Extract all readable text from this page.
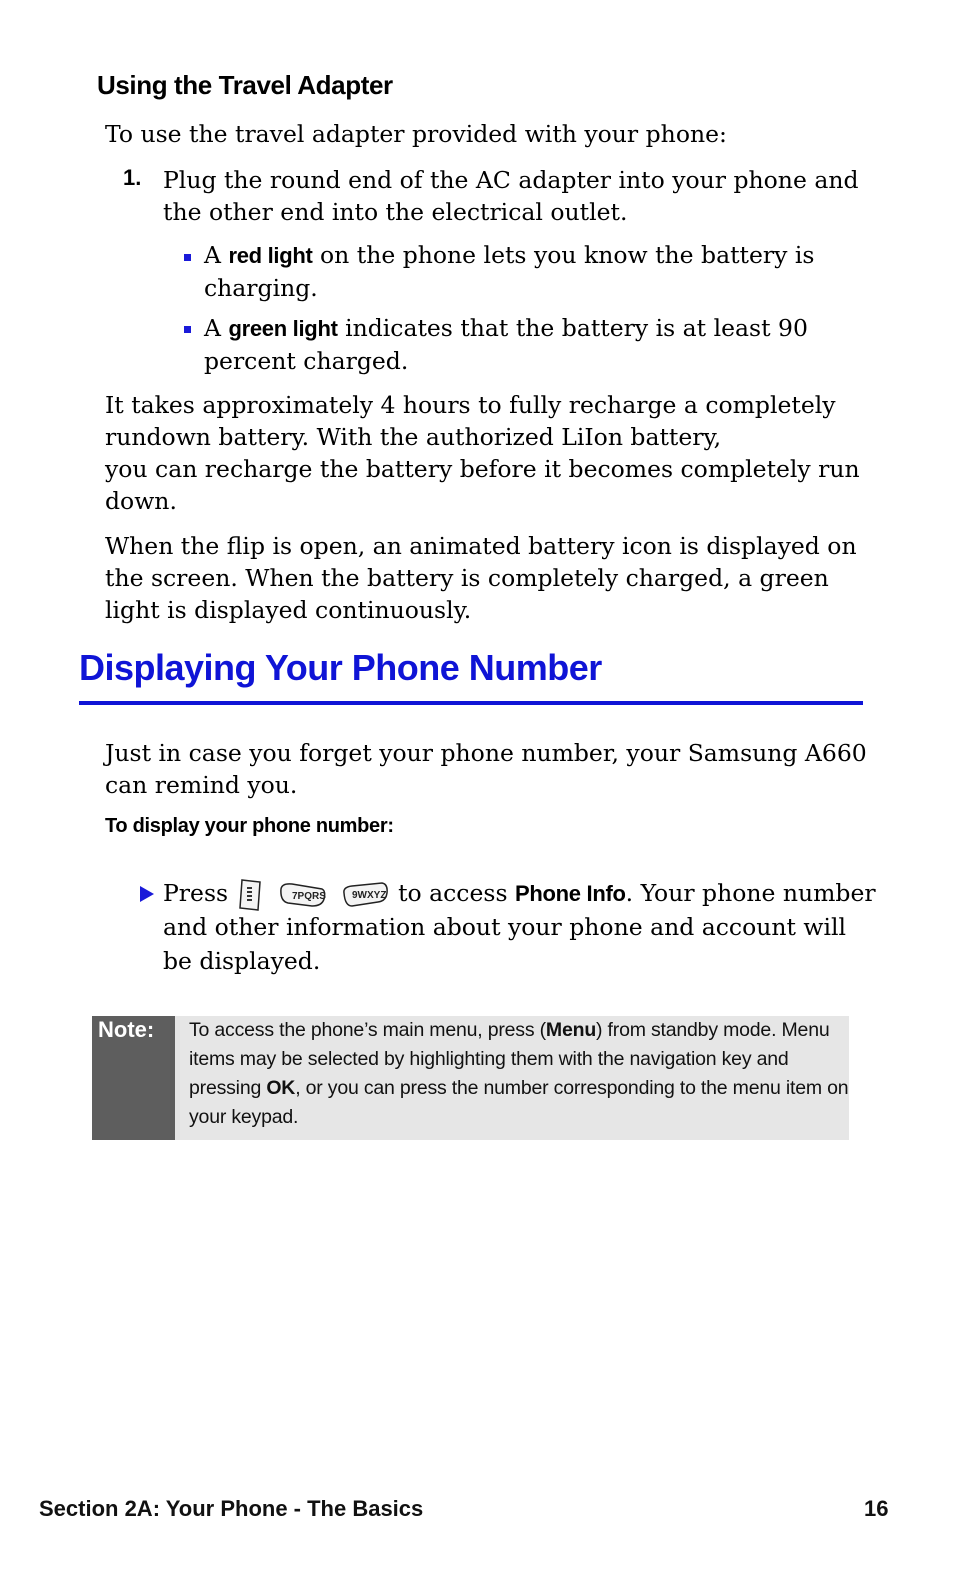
Using the Travel Adapter

To use the travel adapter provided with your phone:

1. Plug the round end of the AC adapter into your phone and the other end into the electrical outlet.

A red light on the phone lets you know the battery is charging.

A green light indicates that the battery is at least 90 percent charged.

It takes approximately 4 hours to fully recharge a completely rundown battery. With the authorized LiIon battery,
you can recharge the battery before it becomes completely run down.

When the flip is open, an animated battery icon is displayed on the screen. When the battery is completely charged, a green light is displayed continuously.

Displaying Your Phone Number

Just in case you forget your phone number, your Samsung A660 can remind you.

To display your phone number:
Press	7PQRS	9WXYZ to access Phone Info. Your phone number
and other information about your phone and account will
be displayed.
Note: To access the phone’s main menu, press (Menu) from standby mode. Menu items may be selected by highlighting them with the navigation key and pressing OK, or you can press the number corresponding to the menu item on your keypad.
Section 2A: Your Phone - The Basics	16
